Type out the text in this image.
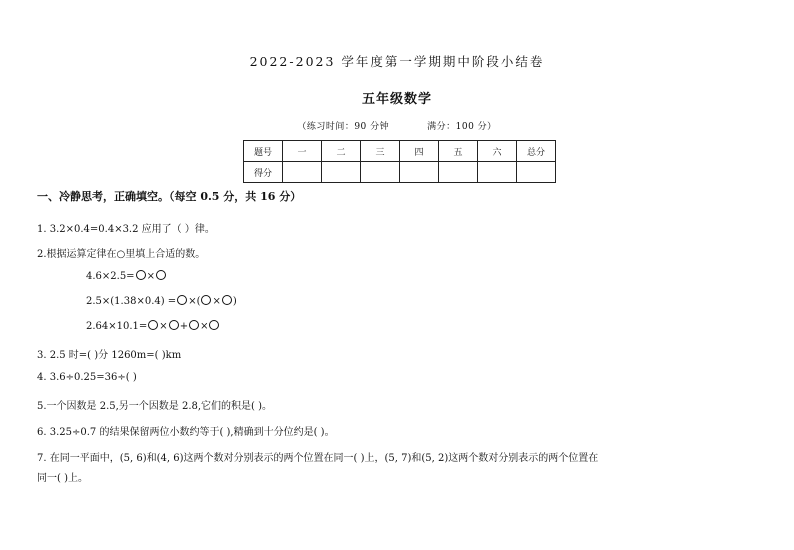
2022-2023 学年度第一学期期中阶段小结卷
五年级数学
（练习时间：90 分钟	满分：100 分）
题号	一	二	三	四	五	六	总分
得分							
一、冷静思考，正确填空。（每空 0.5 分，共 16 分）
1. 3.2×0.4=0.4×3.2 应用了（ ）律。
2.根据运算定律在○里填上合适的数。
4.6×2.5= ×
2.5×(1.38×0.4) = ×( × )
2.64×10.1= × + ×
3. 2.5 时=( )分 1260m=( )km
4. 3.6÷0.25=36÷( )
5.一个因数是 2.5,另一个因数是 2.8,它们的积是( )。
6. 3.25÷0.7 的结果保留两位小数约等于( ),精确到十分位约是( )。
7. 在同一平面中，(5, 6)和(4, 6)这两个数对分别表示的两个位置在同一( )上，(5, 7)和(5, 2)这两个数对分别表示的两个位置在
同一( )上。
